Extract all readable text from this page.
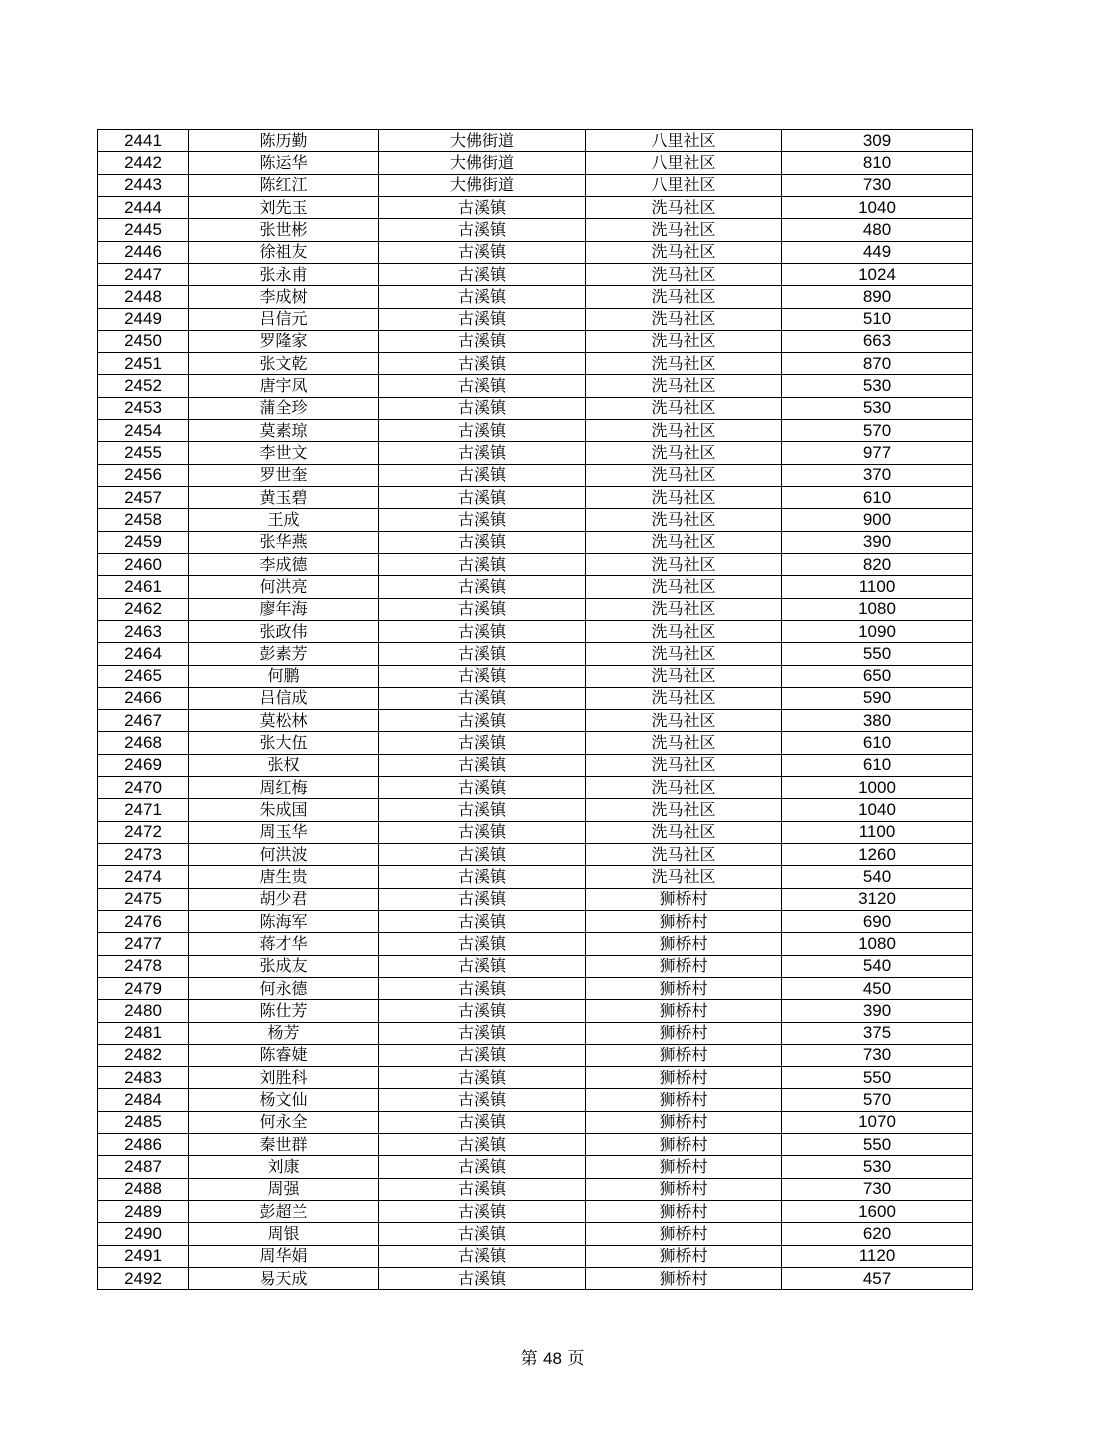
2441	陈历勤	大佛街道	八里社区	309
2442	陈运华	大佛街道	八里社区	810
2443	陈红江	大佛街道	八里社区	730
2444	刘先玉	古溪镇	洗马社区	1040
2445	张世彬	古溪镇	洗马社区	480
2446	徐祖友	古溪镇	洗马社区	449
2447	张永甫	古溪镇	洗马社区	1024
2448	李成树	古溪镇	洗马社区	890
2449	吕信元	古溪镇	洗马社区	510
2450	罗隆家	古溪镇	洗马社区	663
2451	张文乾	古溪镇	洗马社区	870
2452	唐宇凤	古溪镇	洗马社区	530
2453	蒲全珍	古溪镇	洗马社区	530
2454	莫素琼	古溪镇	洗马社区	570
2455	李世文	古溪镇	洗马社区	977
2456	罗世奎	古溪镇	洗马社区	370
2457	黄玉碧	古溪镇	洗马社区	610
2458	王成	古溪镇	洗马社区	900
2459	张华燕	古溪镇	洗马社区	390
2460	李成德	古溪镇	洗马社区	820
2461	何洪亮	古溪镇	洗马社区	1100
2462	廖年海	古溪镇	洗马社区	1080
2463	张政伟	古溪镇	洗马社区	1090
2464	彭素芳	古溪镇	洗马社区	550
2465	何鹏	古溪镇	洗马社区	650
2466	吕信成	古溪镇	洗马社区	590
2467	莫松林	古溪镇	洗马社区	380
2468	张大伍	古溪镇	洗马社区	610
2469	张权	古溪镇	洗马社区	610
2470	周红梅	古溪镇	洗马社区	1000
2471	朱成国	古溪镇	洗马社区	1040
2472	周玉华	古溪镇	洗马社区	1100
2473	何洪波	古溪镇	洗马社区	1260
2474	唐生贵	古溪镇	洗马社区	540
2475	胡少君	古溪镇	狮桥村	3120
2476	陈海军	古溪镇	狮桥村	690
2477	蒋才华	古溪镇	狮桥村	1080
2478	张成友	古溪镇	狮桥村	540
2479	何永德	古溪镇	狮桥村	450
2480	陈仕芳	古溪镇	狮桥村	390
2481	杨芳	古溪镇	狮桥村	375
2482	陈睿婕	古溪镇	狮桥村	730
2483	刘胜科	古溪镇	狮桥村	550
2484	杨文仙	古溪镇	狮桥村	570
2485	何永全	古溪镇	狮桥村	1070
2486	秦世群	古溪镇	狮桥村	550
2487	刘康	古溪镇	狮桥村	530
2488	周强	古溪镇	狮桥村	730
2489	彭超兰	古溪镇	狮桥村	1600
2490	周银	古溪镇	狮桥村	620
2491	周华娟	古溪镇	狮桥村	1120
2492	易天成	古溪镇	狮桥村	457
第 48 页
